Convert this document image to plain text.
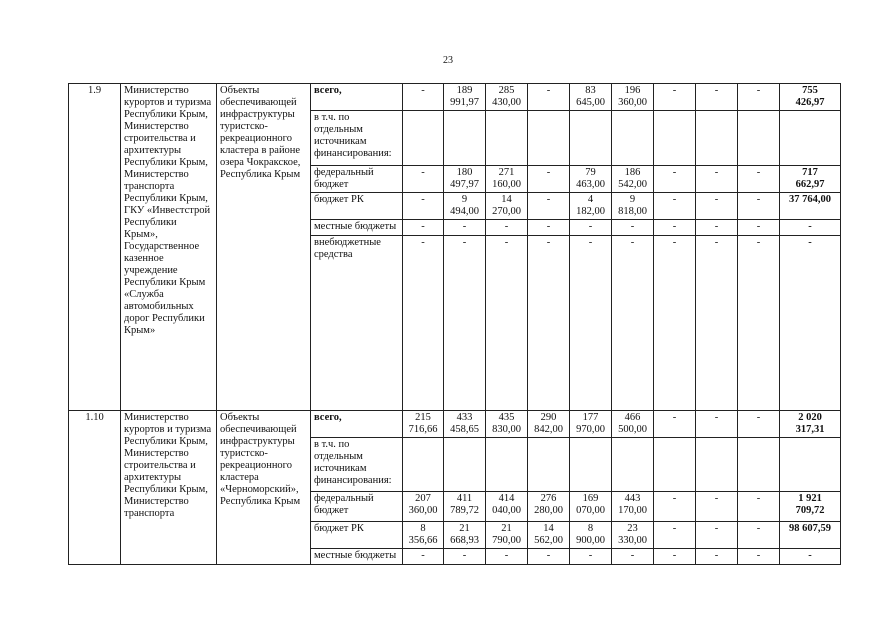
23
1.9	Министерство курортов и туризма Республики Крым, Министерство строительства и архитектуры Республики Крым, Министерство транспорта Республики Крым, ГКУ «Инвестстрой Республики Крым», Государственное казенное учреждение Республики Крым «Служба автомобильных дорог Республики Крым»	Объекты обеспечивающей инфраструктуры туристско-рекреационного кластера в районе озера Чокракское, Республика Крым	всего,	-	189
991,97	285
430,00	-	83
645,00	196
360,00	-	-	-	755
426,97
			в т.ч. по отдельным источникам финансирования:										
			федеральный бюджет	-	180
497,97	271
160,00	-	79
463,00	186
542,00	-	-	-	717
662,97
			бюджет РК	-	9
494,00	14
270,00	-	4
182,00	9
818,00	-	-	-	37 764,00
			местные бюджеты	-	-	-	-	-	-	-	-	-	-
			внебюджетные средства	-	-	-	-	-	-	-	-	-	-
1.10	Министерство курортов и туризма Республики Крым, Министерство строительства и архитектуры Республики Крым, Министерство транспорта	Объекты обеспечивающей инфраструктуры туристско-рекреационного кластера «Черноморский», Республика Крым	всего,	215
716,66	433
458,65	435
830,00	290
842,00	177
970,00	466
500,00	-	-	-	2 020
317,31
			в т.ч. по отдельным источникам финансирования:										
			федеральный бюджет	207
360,00	411
789,72	414
040,00	276
280,00	169
070,00	443
170,00	-	-	-	1 921
709,72
			бюджет РК	8
356,66	21
668,93	21
790,00	14
562,00	8
900,00	23
330,00	-	-	-	98 607,59
			местные бюджеты	-	-	-	-	-	-	-	-	-	-
